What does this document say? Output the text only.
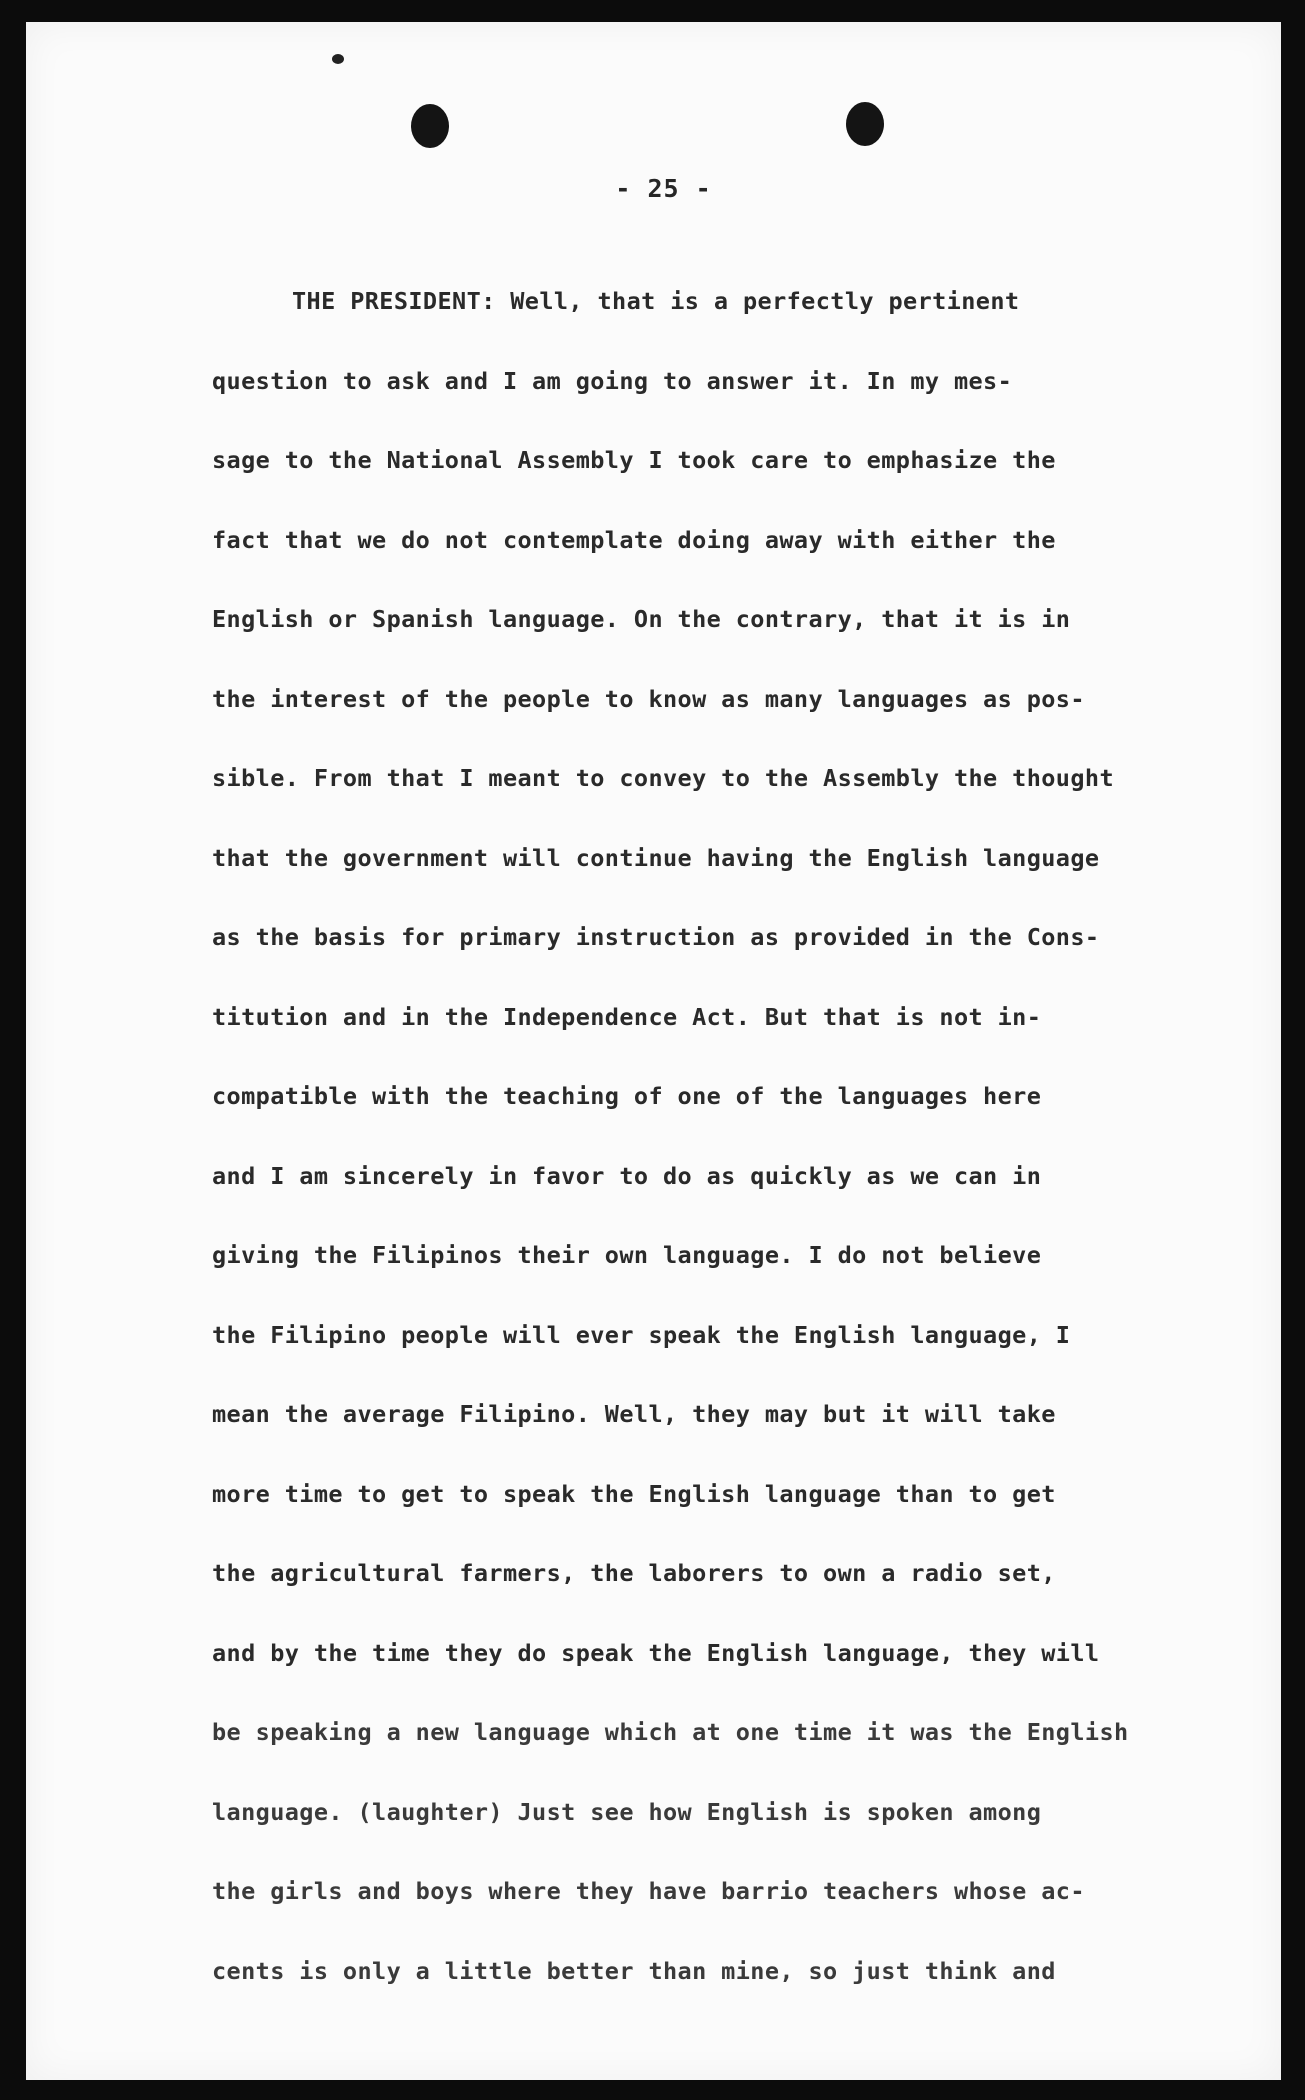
- 25 -
THE PRESIDENT: Well, that is a perfectly pertinent
question to ask and I am going to answer it. In my mes-
sage to the National Assembly I took care to emphasize the
fact that we do not contemplate doing away with either the
English or Spanish language. On the contrary, that it is in
the interest of the people to know as many languages as pos-
sible. From that I meant to convey to the Assembly the thought
that the government will continue having the English language
as the basis for primary instruction as provided in the Cons-
titution and in the Independence Act. But that is not in-
compatible with the teaching of one of the languages here
and I am sincerely in favor to do as quickly as we can in
giving the Filipinos their own language. I do not believe
the Filipino people will ever speak the English language, I
mean the average Filipino. Well, they may but it will take
more time to get to speak the English language than to get
the agricultural farmers, the laborers to own a radio set,
and by the time they do speak the English language, they will
be speaking a new language which at one time it was the English
language. (laughter) Just see how English is spoken among
the girls and boys where they have barrio teachers whose ac-
cents is only a little better than mine, so just think and
